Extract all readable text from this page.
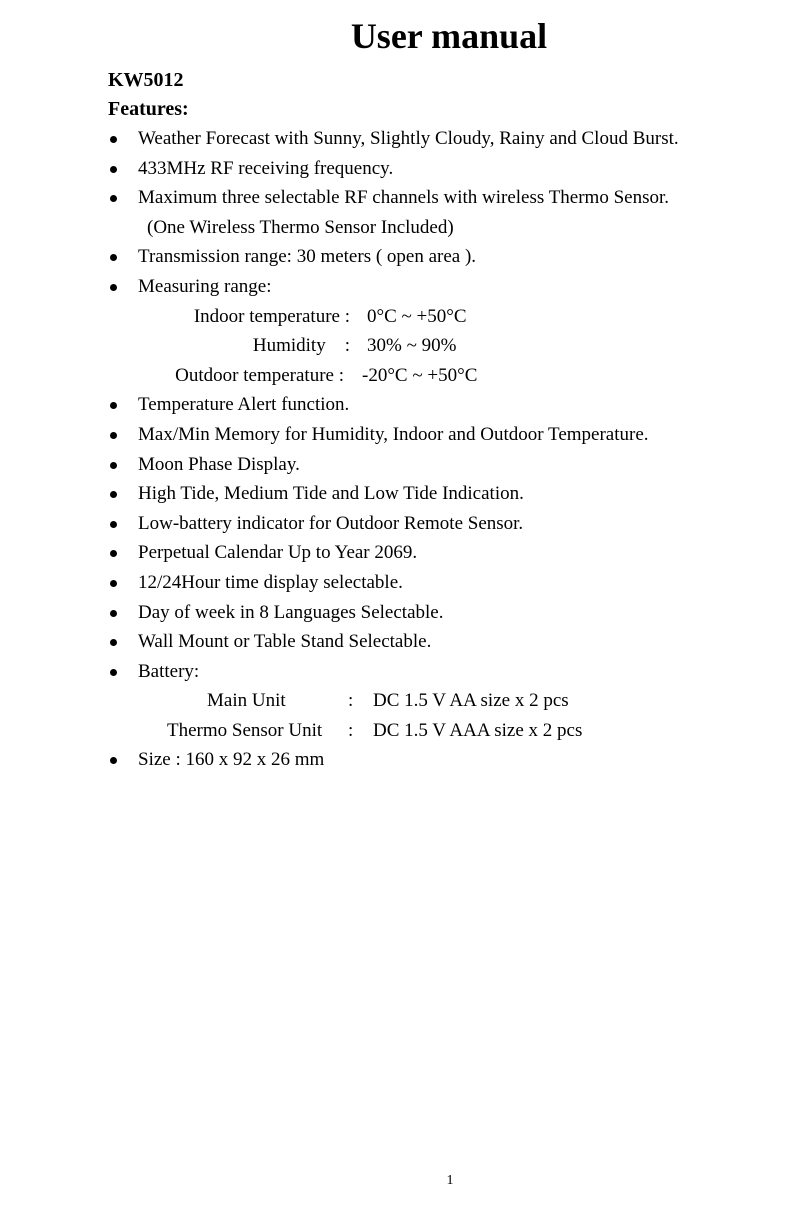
User manual
KW5012
Features:
Weather Forecast with Sunny, Slightly Cloudy, Rainy and Cloud Burst.
433MHz RF receiving frequency.
Maximum three selectable RF channels with wireless Thermo Sensor.
(One Wireless Thermo Sensor Included)
Transmission range: 30 meters ( open area ).
Measuring range:
Indoor temperature : 0°C ~ +50°C
Humidity    : 30% ~ 90%
Outdoor temperature : -20°C ~ +50°C
Temperature Alert function.
Max/Min Memory for Humidity, Indoor and Outdoor Temperature.
Moon Phase Display.
High Tide, Medium Tide and Low Tide Indication.
Low-battery indicator for Outdoor Remote Sensor.
Perpetual Calendar Up to Year 2069.
12/24Hour time display selectable.
Day of week in 8 Languages Selectable.
Wall Mount or Table Stand Selectable.
Battery:
Main Unit	: DC 1.5 V AA size x 2 pcs
Thermo Sensor Unit : DC 1.5 V AAA size x 2 pcs
Size : 160 x 92 x 26 mm
1
